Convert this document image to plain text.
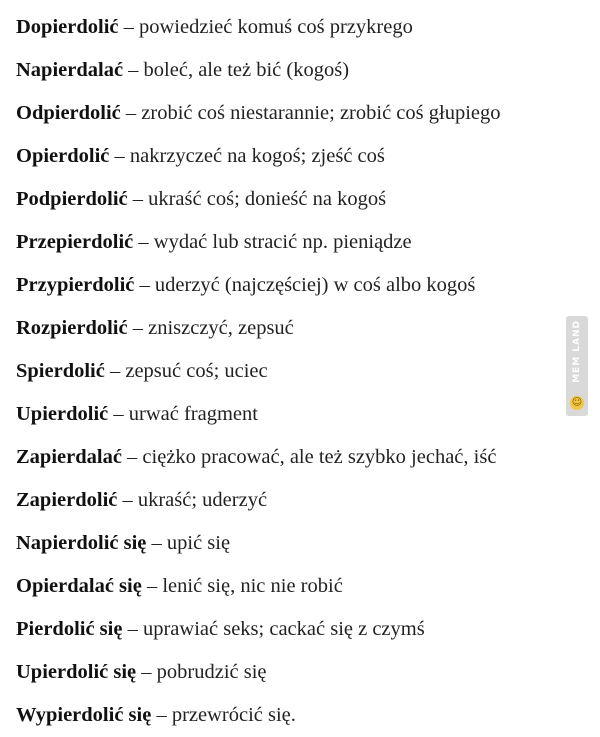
Dopierdolić – powiedzieć komuś coś przykrego
Napierdalać – boleć, ale też bić (kogoś)
Odpierdolić – zrobić coś niestarannie; zrobić coś głupiego
Opierdolić – nakrzyczeć na kogoś; zjeść coś
Podpierdolić – ukraść coś; donieść na kogoś
Przepierdolić – wydać lub stracić np. pieniądze
Przypierdolić – uderzyć (najczęściej) w coś albo kogoś
Rozpierdolić – zniszczyć, zepsuć
Spierdolić – zepsuć coś; uciec
Upierdolić – urwać fragment
Zapierdalać – ciężko pracować, ale też szybko jechać, iść
Zapierdolić – ukraść; uderzyć
Napierdolić się – upić się
Opierdalać się – lenić się, nic nie robić
Pierdolić się – uprawiać seks; cackać się z czymś
Upierdolić się – pobrudzić się
Wypierdolić się – przewrócić się.
MEM LAND
☺
